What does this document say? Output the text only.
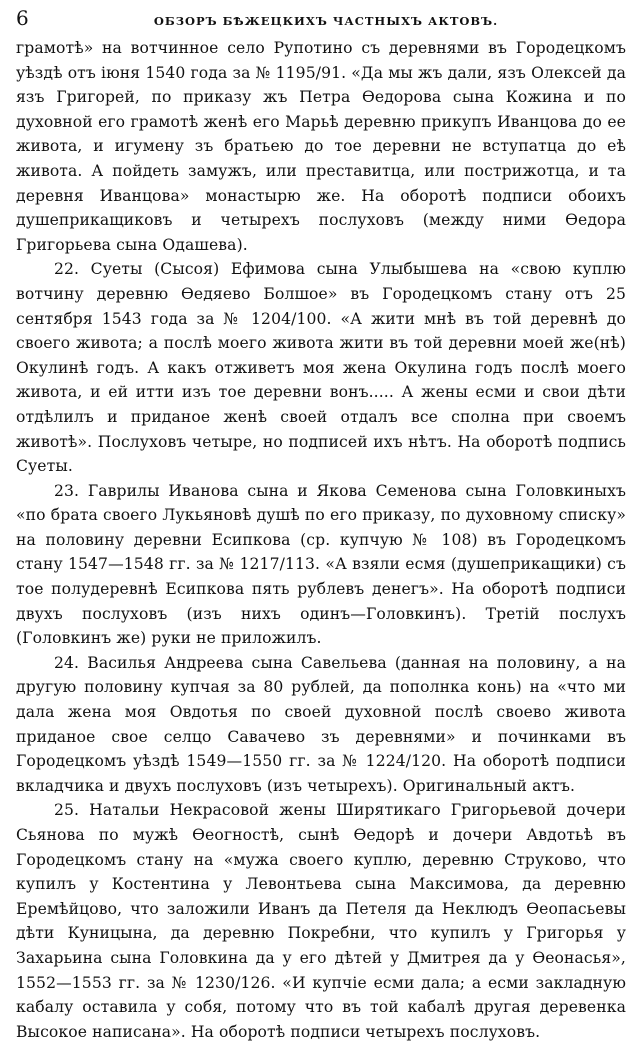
6	ОБЗОРЪ БѢЖЕЦКИХЪ ЧАСТНЫХЪ АКТОВЪ.

грамотѣ» на вотчинное село Рупотино съ деревнями въ Городецкомъ уѣздѣ отъ іюня 1540 года за № 1195/91. «Да мы жъ дали, язъ Олексей да язъ Григорей, по приказу жъ Петра Ѳедорова сына Кожина и по духовной его грамотѣ женѣ его Марьѣ деревню прикупъ Иванцова до ее живота, и игумену зъ братьею до тое деревни не вступатца до еѣ живота. А пойдеть замужъ, или преставитца, или пострижотца, и та деревня Иванцова» монастырю же. На оборотѣ подписи обоихъ душеприкащиковъ и четырехъ послуховъ (между ними Ѳедора Григорьева сына Одашева).

22. Суеты (Сысоя) Ефимова сына Улыбышева на «свою куплю вотчину деревню Ѳедяево Болшое» въ Городецкомъ стану отъ 25 сентября 1543 года за № 1204/100. «А жити мнѣ въ той деревнѣ до своего живота; а послѣ моего живота жити въ той деревни моей же(нѣ) Окулинѣ годъ. А какъ отживетъ моя жена Окулина годъ послѣ моего живота, и ей итти изъ тое деревни вонъ..... А жены есми и свои дѣти отдѣлилъ и приданое женѣ своей отдалъ все сполна при своемъ животѣ». Послуховъ четыре, но подписей ихъ нѣтъ. На оборотѣ подпись Суеты.

23. Гаврилы Иванова сына и Якова Семенова сына Головкиныхъ «по брата своего Лукьяновѣ душѣ по его приказу, по духовному списку» на половину деревни Есипкова (ср. купчую № 108) въ Городецкомъ стану 1547—1548 гг. за № 1217/113. «А взяли есмя (душеприкащики) съ тое полудеревнѣ Есипкова пять рублевъ денегъ». На оборотѣ подписи двухъ послуховъ (изъ нихъ одинъ—Головкинъ). Третій послухъ (Головкинъ же) руки не приложилъ.

24. Василья Андреева сына Савельева (данная на половину, а на другую половину купчая за 80 рублей, да пополнка конь) на «что ми дала жена моя Овдотья по своей духовной послѣ своево живота приданое свое селцо Савачево зъ деревнями» и починками въ Городецкомъ уѣздѣ 1549—1550 гг. за № 1224/120. На оборотѣ подписи вкладчика и двухъ послуховъ (изъ четырехъ). Оригинальный актъ.

25. Натальи Некрасовой жены Ширятикаго Григорьевой дочери Сьянова по мужѣ Ѳеогностѣ, сынѣ Ѳедорѣ и дочери Авдотьѣ въ Городецкомъ стану на «мужа своего куплю, деревню Струково, что купилъ у Костентина у Левонтьева сына Максимова, да деревню Еремѣйцово, что заложили Иванъ да Петеля да Неклюдъ Ѳеопасьевы дѣти Куницына, да деревню Покребни, что купилъ у Григорья у Захарьина сына Головкина да у его дѣтей у Дмитрея да у Ѳеонасья», 1552—1553 гг. за № 1230/126. «И купчіе есми дала; а есми закладную кабалу оставила у собя, потому что въ той кабалѣ другая деревенка Высокое написана». На оборотѣ подписи четырехъ послуховъ.
